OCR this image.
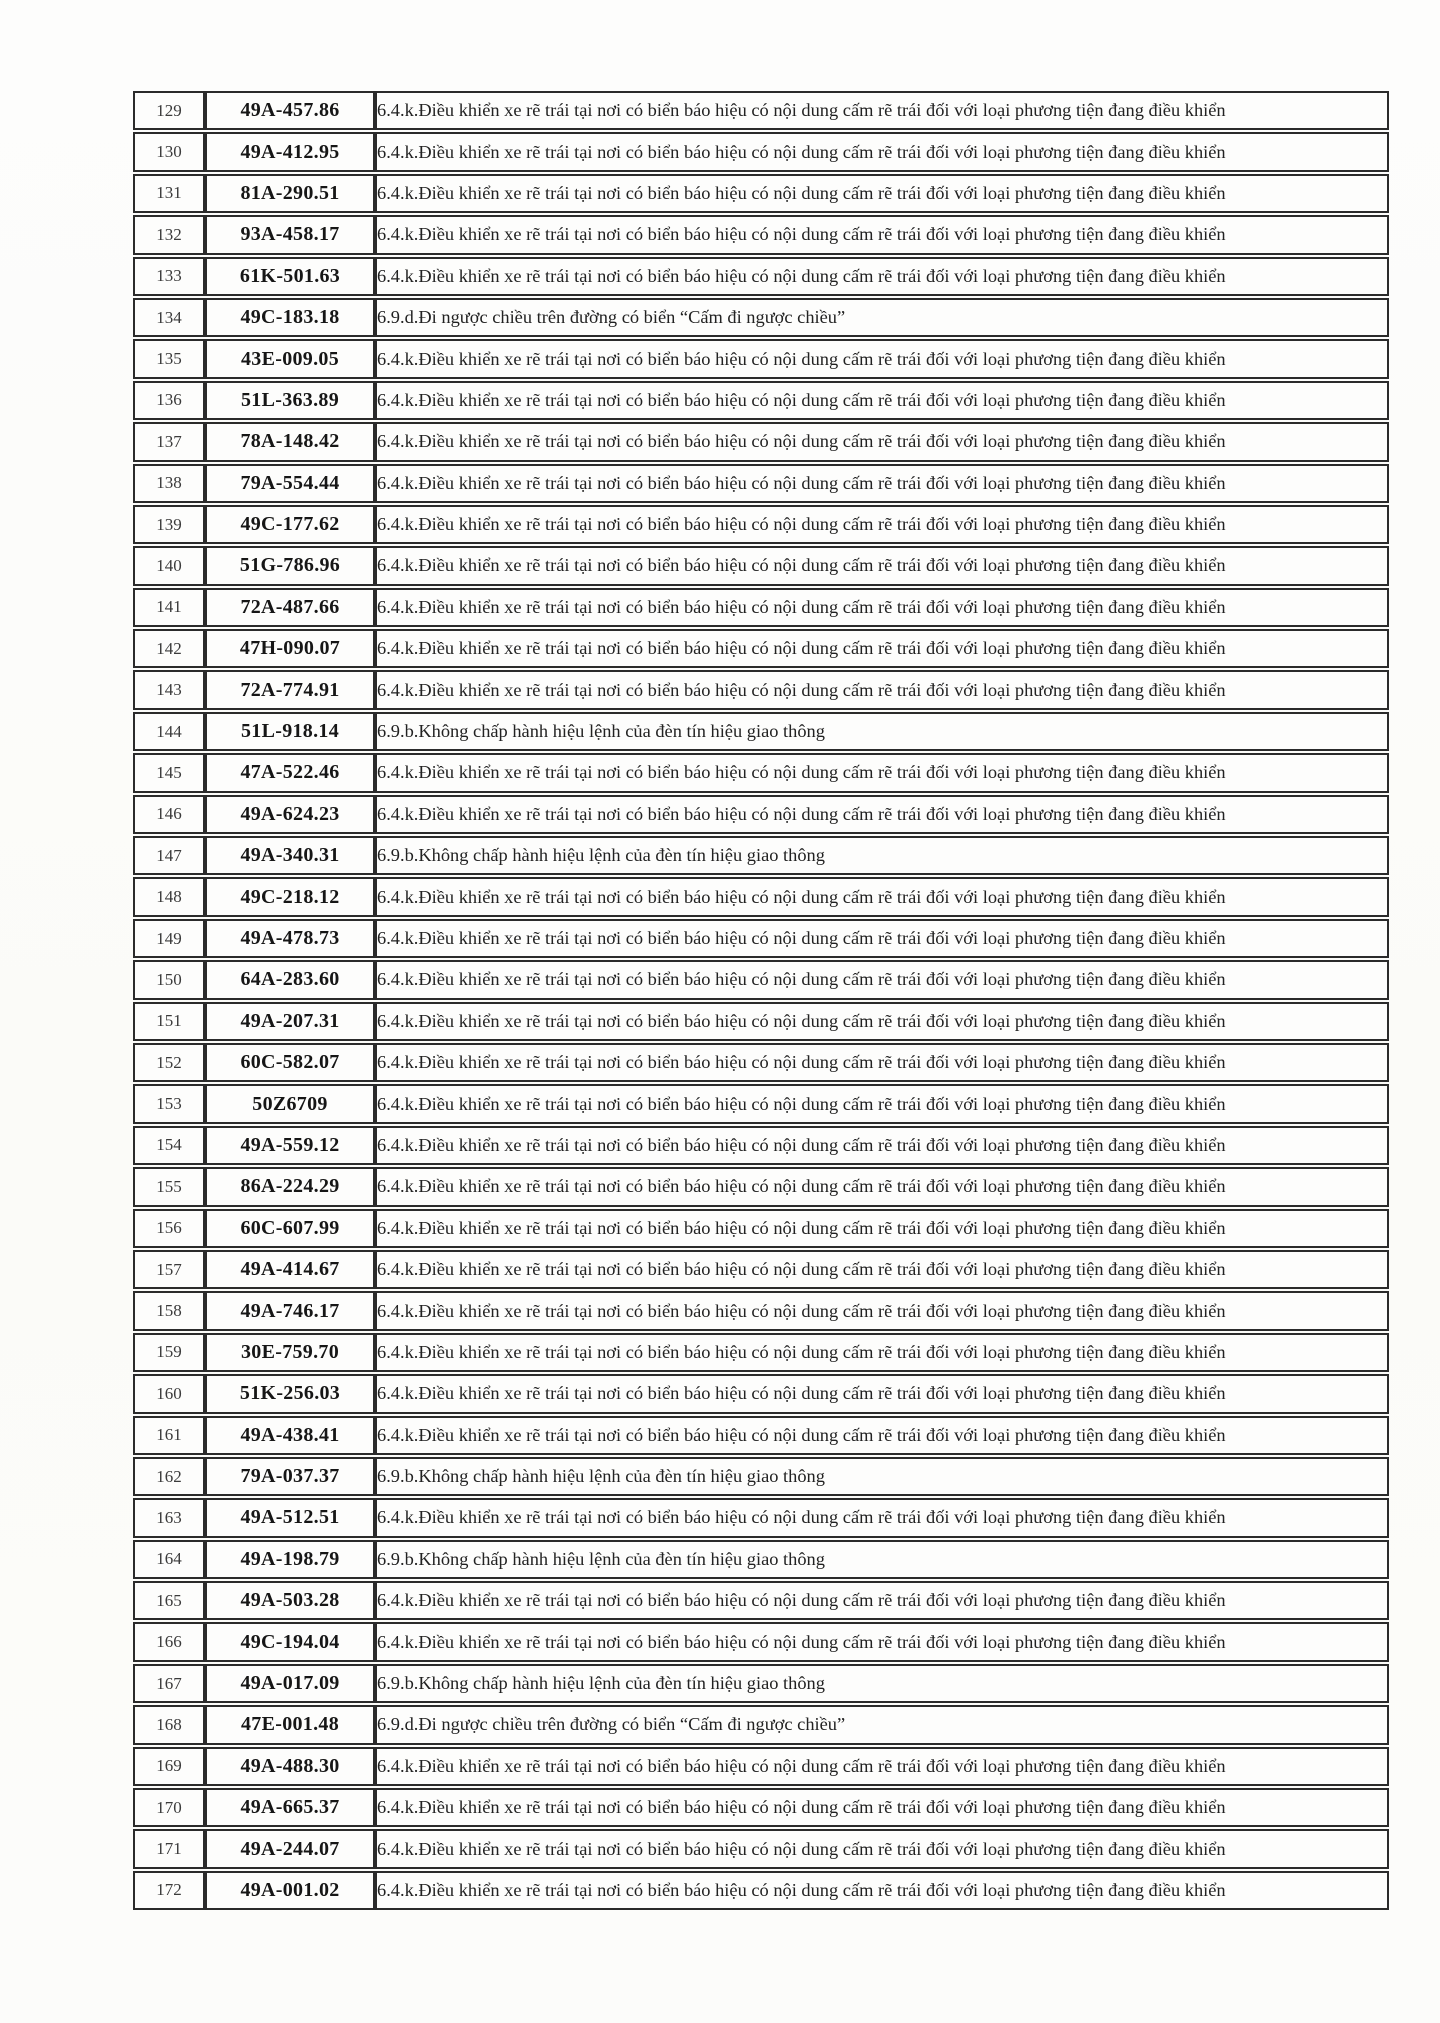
129	49A-457.86	6.4.k.Điều khiển xe rẽ trái tại nơi có biển báo hiệu có nội dung cấm rẽ trái đối với loại phương tiện đang điều khiển
130	49A-412.95	6.4.k.Điều khiển xe rẽ trái tại nơi có biển báo hiệu có nội dung cấm rẽ trái đối với loại phương tiện đang điều khiển
131	81A-290.51	6.4.k.Điều khiển xe rẽ trái tại nơi có biển báo hiệu có nội dung cấm rẽ trái đối với loại phương tiện đang điều khiển
132	93A-458.17	6.4.k.Điều khiển xe rẽ trái tại nơi có biển báo hiệu có nội dung cấm rẽ trái đối với loại phương tiện đang điều khiển
133	61K-501.63	6.4.k.Điều khiển xe rẽ trái tại nơi có biển báo hiệu có nội dung cấm rẽ trái đối với loại phương tiện đang điều khiển
134	49C-183.18	6.9.d.Đi ngược chiều trên đường có biển “Cấm đi ngược chiều”
135	43E-009.05	6.4.k.Điều khiển xe rẽ trái tại nơi có biển báo hiệu có nội dung cấm rẽ trái đối với loại phương tiện đang điều khiển
136	51L-363.89	6.4.k.Điều khiển xe rẽ trái tại nơi có biển báo hiệu có nội dung cấm rẽ trái đối với loại phương tiện đang điều khiển
137	78A-148.42	6.4.k.Điều khiển xe rẽ trái tại nơi có biển báo hiệu có nội dung cấm rẽ trái đối với loại phương tiện đang điều khiển
138	79A-554.44	6.4.k.Điều khiển xe rẽ trái tại nơi có biển báo hiệu có nội dung cấm rẽ trái đối với loại phương tiện đang điều khiển
139	49C-177.62	6.4.k.Điều khiển xe rẽ trái tại nơi có biển báo hiệu có nội dung cấm rẽ trái đối với loại phương tiện đang điều khiển
140	51G-786.96	6.4.k.Điều khiển xe rẽ trái tại nơi có biển báo hiệu có nội dung cấm rẽ trái đối với loại phương tiện đang điều khiển
141	72A-487.66	6.4.k.Điều khiển xe rẽ trái tại nơi có biển báo hiệu có nội dung cấm rẽ trái đối với loại phương tiện đang điều khiển
142	47H-090.07	6.4.k.Điều khiển xe rẽ trái tại nơi có biển báo hiệu có nội dung cấm rẽ trái đối với loại phương tiện đang điều khiển
143	72A-774.91	6.4.k.Điều khiển xe rẽ trái tại nơi có biển báo hiệu có nội dung cấm rẽ trái đối với loại phương tiện đang điều khiển
144	51L-918.14	6.9.b.Không chấp hành hiệu lệnh của đèn tín hiệu giao thông
145	47A-522.46	6.4.k.Điều khiển xe rẽ trái tại nơi có biển báo hiệu có nội dung cấm rẽ trái đối với loại phương tiện đang điều khiển
146	49A-624.23	6.4.k.Điều khiển xe rẽ trái tại nơi có biển báo hiệu có nội dung cấm rẽ trái đối với loại phương tiện đang điều khiển
147	49A-340.31	6.9.b.Không chấp hành hiệu lệnh của đèn tín hiệu giao thông
148	49C-218.12	6.4.k.Điều khiển xe rẽ trái tại nơi có biển báo hiệu có nội dung cấm rẽ trái đối với loại phương tiện đang điều khiển
149	49A-478.73	6.4.k.Điều khiển xe rẽ trái tại nơi có biển báo hiệu có nội dung cấm rẽ trái đối với loại phương tiện đang điều khiển
150	64A-283.60	6.4.k.Điều khiển xe rẽ trái tại nơi có biển báo hiệu có nội dung cấm rẽ trái đối với loại phương tiện đang điều khiển
151	49A-207.31	6.4.k.Điều khiển xe rẽ trái tại nơi có biển báo hiệu có nội dung cấm rẽ trái đối với loại phương tiện đang điều khiển
152	60C-582.07	6.4.k.Điều khiển xe rẽ trái tại nơi có biển báo hiệu có nội dung cấm rẽ trái đối với loại phương tiện đang điều khiển
153	50Z6709	6.4.k.Điều khiển xe rẽ trái tại nơi có biển báo hiệu có nội dung cấm rẽ trái đối với loại phương tiện đang điều khiển
154	49A-559.12	6.4.k.Điều khiển xe rẽ trái tại nơi có biển báo hiệu có nội dung cấm rẽ trái đối với loại phương tiện đang điều khiển
155	86A-224.29	6.4.k.Điều khiển xe rẽ trái tại nơi có biển báo hiệu có nội dung cấm rẽ trái đối với loại phương tiện đang điều khiển
156	60C-607.99	6.4.k.Điều khiển xe rẽ trái tại nơi có biển báo hiệu có nội dung cấm rẽ trái đối với loại phương tiện đang điều khiển
157	49A-414.67	6.4.k.Điều khiển xe rẽ trái tại nơi có biển báo hiệu có nội dung cấm rẽ trái đối với loại phương tiện đang điều khiển
158	49A-746.17	6.4.k.Điều khiển xe rẽ trái tại nơi có biển báo hiệu có nội dung cấm rẽ trái đối với loại phương tiện đang điều khiển
159	30E-759.70	6.4.k.Điều khiển xe rẽ trái tại nơi có biển báo hiệu có nội dung cấm rẽ trái đối với loại phương tiện đang điều khiển
160	51K-256.03	6.4.k.Điều khiển xe rẽ trái tại nơi có biển báo hiệu có nội dung cấm rẽ trái đối với loại phương tiện đang điều khiển
161	49A-438.41	6.4.k.Điều khiển xe rẽ trái tại nơi có biển báo hiệu có nội dung cấm rẽ trái đối với loại phương tiện đang điều khiển
162	79A-037.37	6.9.b.Không chấp hành hiệu lệnh của đèn tín hiệu giao thông
163	49A-512.51	6.4.k.Điều khiển xe rẽ trái tại nơi có biển báo hiệu có nội dung cấm rẽ trái đối với loại phương tiện đang điều khiển
164	49A-198.79	6.9.b.Không chấp hành hiệu lệnh của đèn tín hiệu giao thông
165	49A-503.28	6.4.k.Điều khiển xe rẽ trái tại nơi có biển báo hiệu có nội dung cấm rẽ trái đối với loại phương tiện đang điều khiển
166	49C-194.04	6.4.k.Điều khiển xe rẽ trái tại nơi có biển báo hiệu có nội dung cấm rẽ trái đối với loại phương tiện đang điều khiển
167	49A-017.09	6.9.b.Không chấp hành hiệu lệnh của đèn tín hiệu giao thông
168	47E-001.48	6.9.d.Đi ngược chiều trên đường có biển “Cấm đi ngược chiều”
169	49A-488.30	6.4.k.Điều khiển xe rẽ trái tại nơi có biển báo hiệu có nội dung cấm rẽ trái đối với loại phương tiện đang điều khiển
170	49A-665.37	6.4.k.Điều khiển xe rẽ trái tại nơi có biển báo hiệu có nội dung cấm rẽ trái đối với loại phương tiện đang điều khiển
171	49A-244.07	6.4.k.Điều khiển xe rẽ trái tại nơi có biển báo hiệu có nội dung cấm rẽ trái đối với loại phương tiện đang điều khiển
172	49A-001.02	6.4.k.Điều khiển xe rẽ trái tại nơi có biển báo hiệu có nội dung cấm rẽ trái đối với loại phương tiện đang điều khiển
